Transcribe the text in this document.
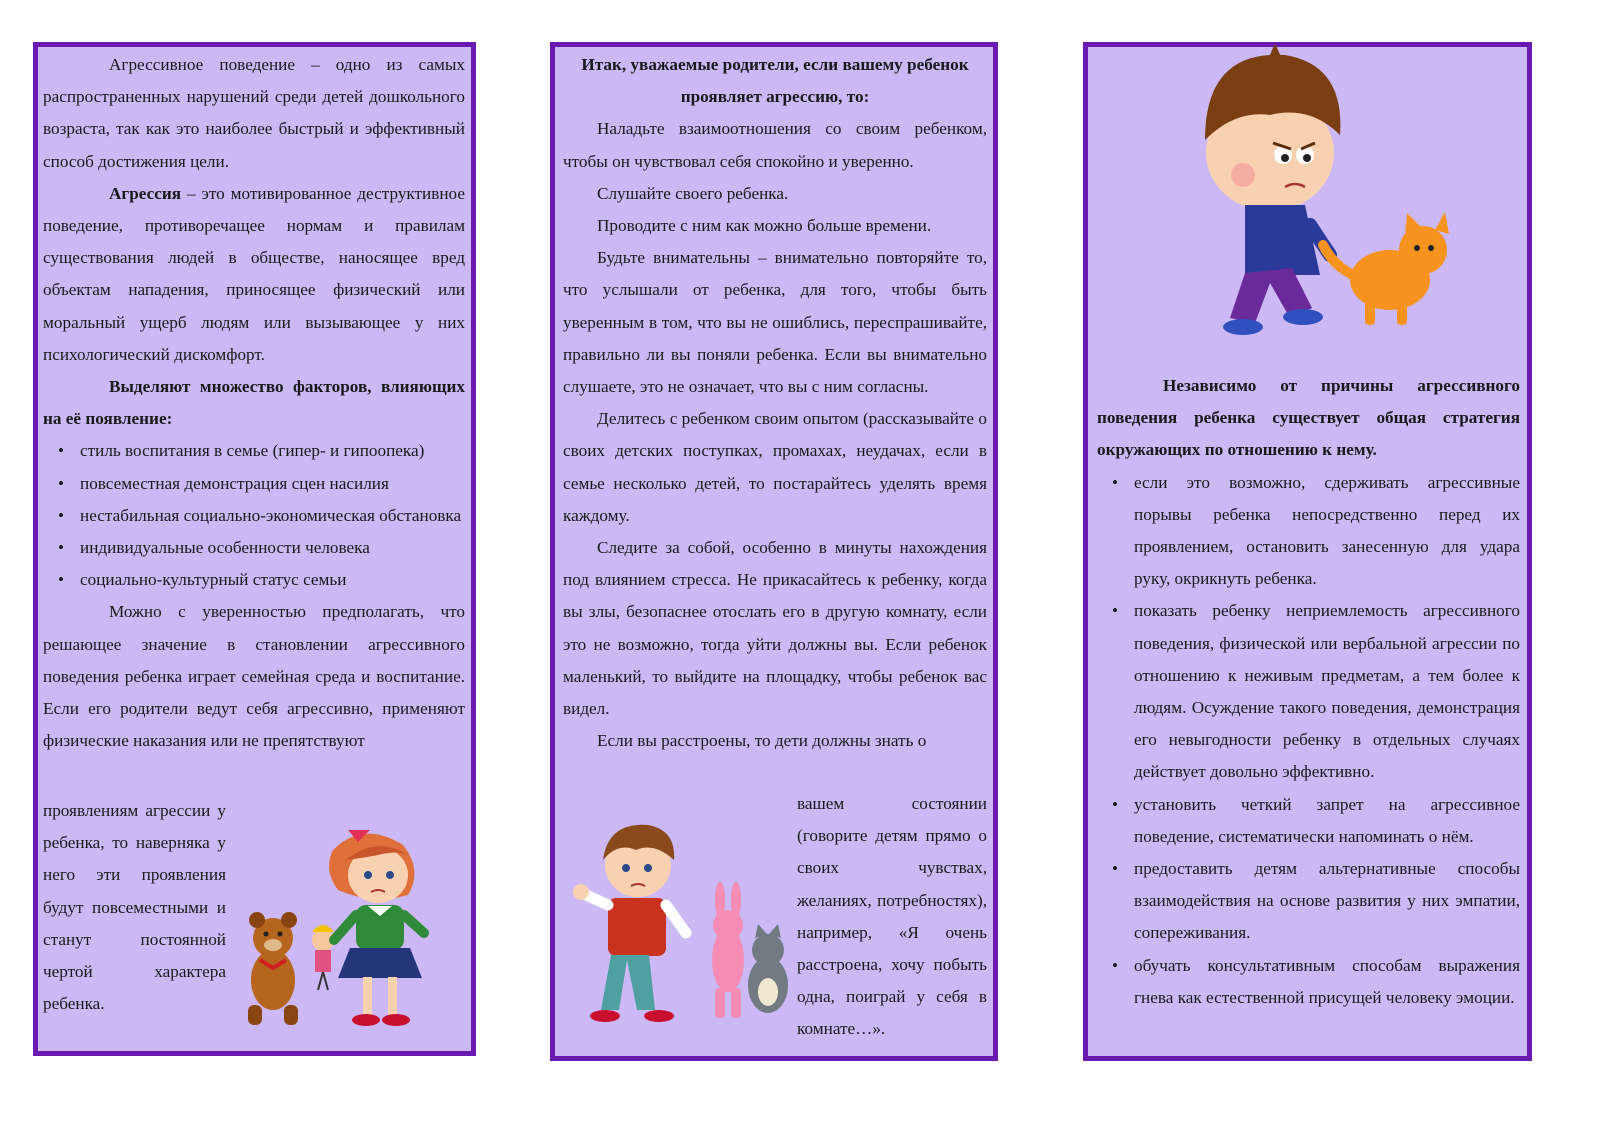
Агрессивное поведение – одно из самых распространенных нарушений среди детей дошкольного возраста, так как это наиболее быстрый и эффективный способ достижения цели.

Агрессия – это мотивированное деструктивное поведение, противоречащее нормам и правилам существования людей в обществе, наносящее вред объектам нападения, приносящее физический или моральный ущерб людям или вызывающее у них психологический дискомфорт.

Выделяют множество факторов, влияющих на её появление:

• стиль воспитания в семье (гипер- и гипоопека)
• повсеместная демонстрация сцен насилия
• нестабильная социально-экономическая обстановка
• индивидуальные особенности человека
• социально-культурный статус семьи

Можно с уверенностью предполагать, что решающее значение в становлении агрессивного поведения ребенка играет семейная среда и воспитание. Если его родители ведут себя агрессивно, применяют физические наказания или не препятствуют

проявлениям агрессии у ребенка, то наверняка у него эти проявления будут повсеместными и станут постоянной чертой характера ребенка.

Итак, уважаемые родители, если вашему ребенок проявляет агрессию, то:

Наладьте взаимоотношения со своим ребенком, чтобы он чувствовал себя спокойно и уверенно.

Слушайте своего ребенка.

Проводите с ним как можно больше времени.

Будьте внимательны – внимательно повторяйте то, что услышали от ребенка, для того, чтобы быть уверенным в том, что вы не ошиблись, переспрашивайте, правильно ли вы поняли ребенка. Если вы внимательно слушаете, это не означает, что вы с ним согласны.

Делитесь с ребенком своим опытом (рассказывайте о своих детских поступках, промахах, неудачах, если в семье несколько детей, то постарайтесь уделять время каждому.

Следите за собой, особенно в минуты нахождения под влиянием стресса. Не прикасайтесь к ребенку, когда вы злы, безопаснее отослать его в другую комнату, если это не возможно, тогда уйти должны вы. Если ребенок маленький, то выйдите на площадку, чтобы ребенок вас видел.

Если вы расстроены, то дети должны знать о

вашем состоянии (говорите детям прямо о своих чувствах, желаниях, потребностях), например, «Я очень расстроена, хочу побыть одна, поиграй у себя в комнате…».

Независимо от причины агрессивного поведения ребенка существует общая стратегия окружающих по отношению к нему.

• если это возможно, сдерживать агрессивные порывы ребенка непосредственно перед их проявлением, остановить занесенную для удара руку, окрикнуть ребенка.
• показать ребенку неприемлемость агрессивного поведения, физической или вербальной агрессии по отношению к неживым предметам, а тем более к людям. Осуждение такого поведения, демонстрация его невыгодности ребенку в отдельных случаях действует довольно эффективно.
• установить четкий запрет на агрессивное поведение, систематически напоминать о нём.
• предоставить детям альтернативные способы взаимодействия на основе развития у них эмпатии, сопереживания.
• обучать консультативным способам выражения гнева как естественной присущей человеку эмоции.
